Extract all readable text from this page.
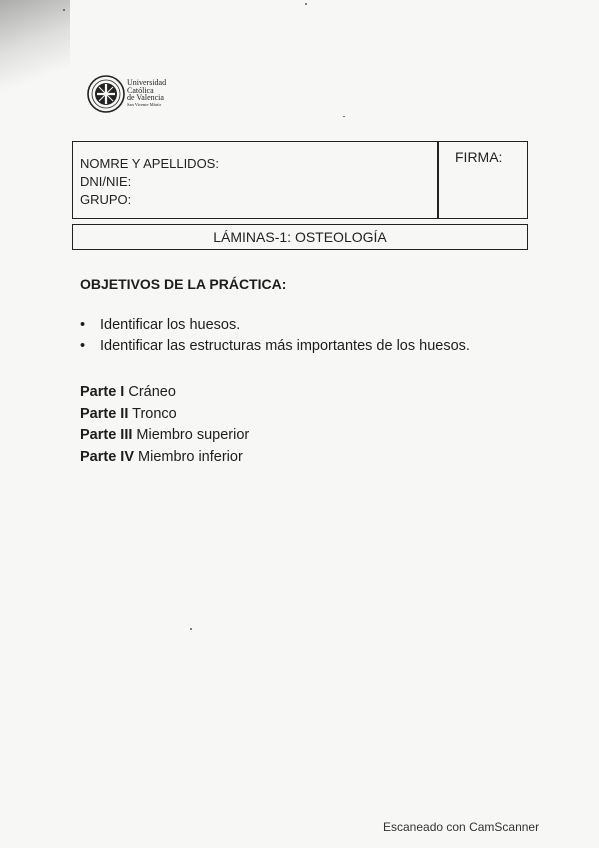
Universidad
Católica
de Valencia
San Vicente Mártir
NOMRE Y APELLIDOS:
DNI/NIE:
GRUPO:
FIRMA:
LÁMINAS-1: OSTEOLOGÍA
OBJETIVOS DE LA PRÁCTICA:
• Identificar los huesos.
• Identificar las estructuras más importantes de los huesos.
Parte I Cráneo
Parte II Tronco
Parte III Miembro superior
Parte IV Miembro inferior
Escaneado con CamScanner
